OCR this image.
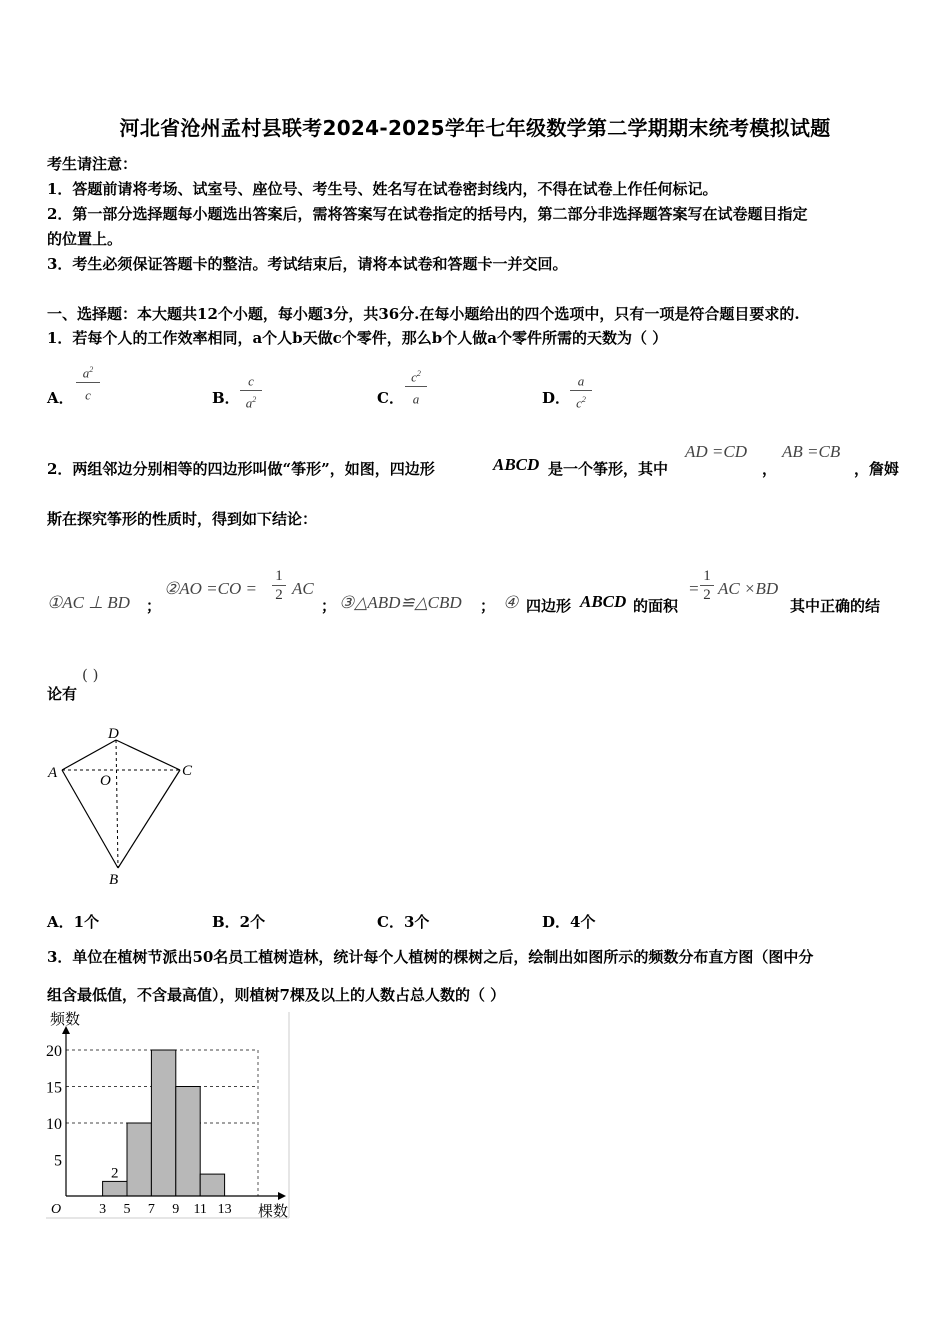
河北省沧州孟村县联考2024-2025学年七年级数学第二学期期末统考模拟试题
考生请注意：
1．答题前请将考场、试室号、座位号、考生号、姓名写在试卷密封线内，不得在试卷上作任何标记。
2．第一部分选择题每小题选出答案后，需将答案写在试卷指定的括号内，第二部分非选择题答案写在试卷题目指定
的位置上。
3．考生必须保证答题卡的整洁。考试结束后，请将本试卷和答题卡一并交回。
一、选择题：本大题共12个小题，每小题3分，共36分.在每小题给出的四个选项中，只有一项是符合题目要求的.
1．若每个人的工作效率相同，a个人b天做c个零件，那么b个人做a个零件所需的天数为（ ）
A．
$a^2$
c	B．
c
$a^2$	C．
$c^2$
a	D．
a
$c^2$
2．两组邻边分别相等的四边形叫做“筝形”，如图，四边形	ABCD 是一个筝形，其中
AD =CD
，
AB =CB
，詹姆
斯在探究筝形的性质时，得到如下结论：
①AC ⊥ BD ；
②AO =CO =
1
2 AC
； ③△ABD≌△CBD ； ④ 四边形 ABCD 的面积
=
1
2 AC ×BD
其中正确的结
论有
( )
A
D
C
O
B
A．1个	B．2个	C．3个	D．4个
3．单位在植树节派出50名员工植树造林，统计每个人植树的棵树之后，绘制出如图所示的频数分布直方图（图中分
组含最低值，不含最高值），则植树7棵及以上的人数占总人数的（ ）
5
10
15
20
3 5 7 9 11 13
O
2
频数
棵数
